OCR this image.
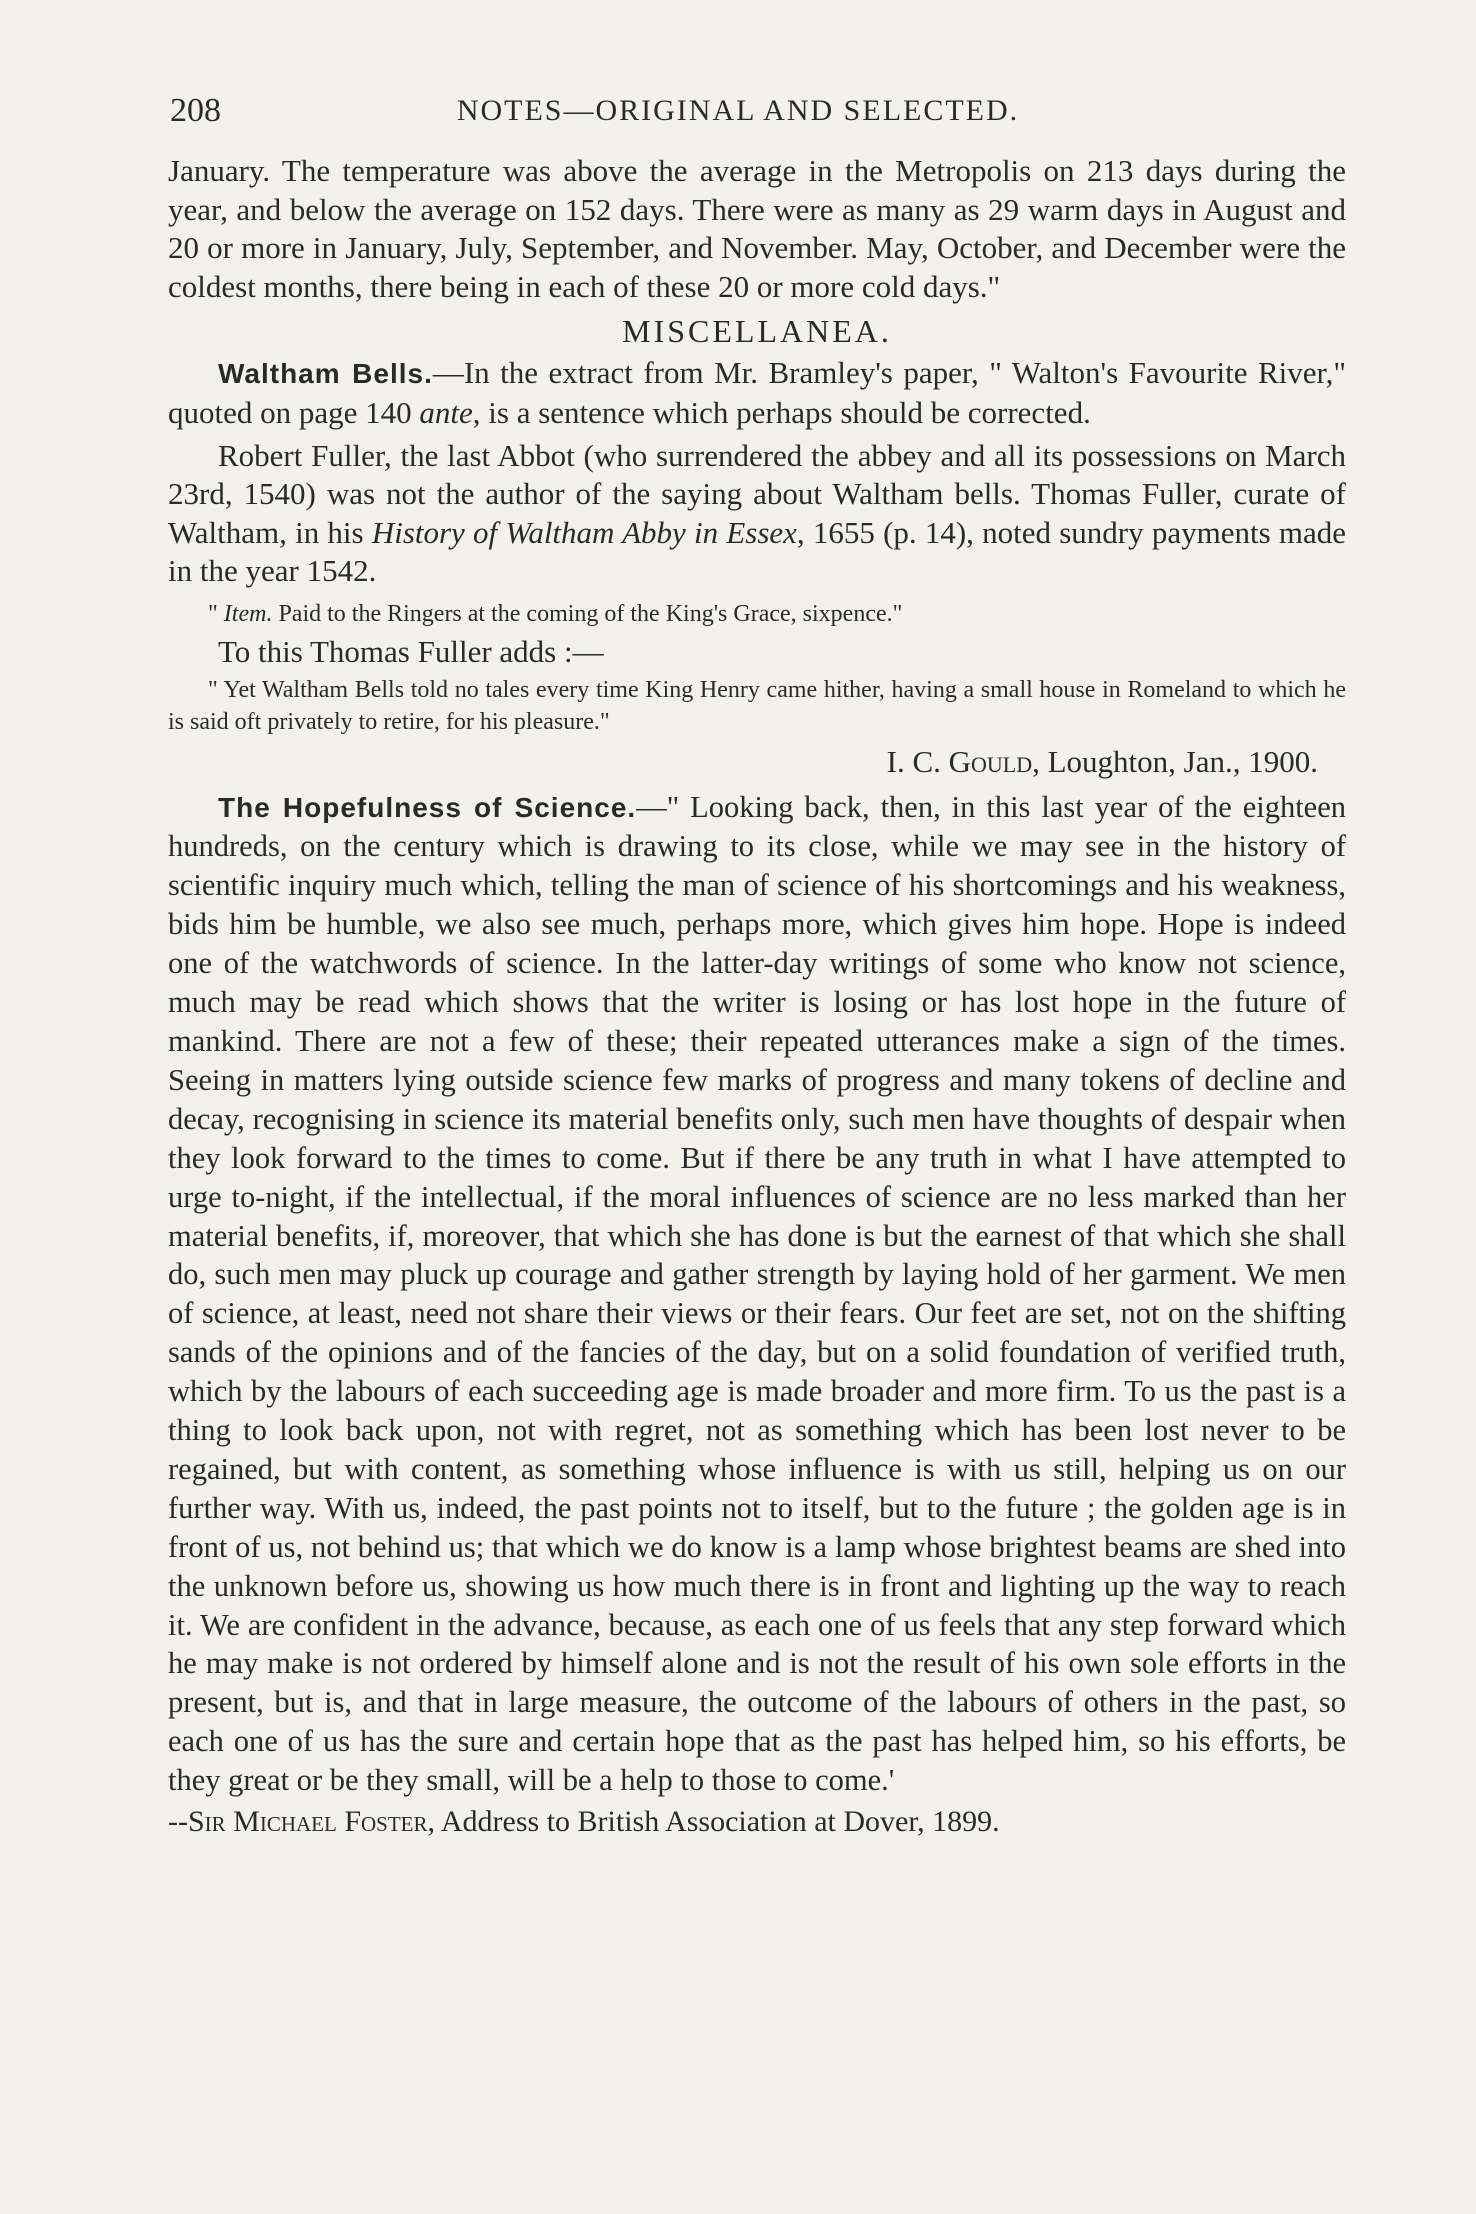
208	NOTES—ORIGINAL AND SELECTED.

January. The temperature was above the average in the Metropolis on 213 days during the year, and below the average on 152 days. There were as many as 29 warm days in August and 20 or more in January, July, September, and November. May, October, and December were the coldest months, there being in each of these 20 or more cold days."

MISCELLANEA.

Waltham Bells.—In the extract from Mr. Bramley's paper, " Walton's Favourite River," quoted on page 140 ante, is a sentence which perhaps should be corrected.

Robert Fuller, the last Abbot (who surrendered the abbey and all its possessions on March 23rd, 1540) was not the author of the saying about Waltham bells. Thomas Fuller, curate of Waltham, in his History of Waltham Abby in Essex, 1655 (p. 14), noted sundry payments made in the year 1542.

" Item. Paid to the Ringers at the coming of the King's Grace, sixpence."

To this Thomas Fuller adds :—

" Yet Waltham Bells told no tales every time King Henry came hither, having a small house in Romeland to which he is said oft privately to retire, for his pleasure."

I. C. Gould, Loughton, Jan., 1900.

The Hopefulness of Science.—" Looking back, then, in this last year of the eighteen hundreds, on the century which is drawing to its close, while we may see in the history of scientific inquiry much which, telling the man of science of his shortcomings and his weakness, bids him be humble, we also see much, perhaps more, which gives him hope. Hope is indeed one of the watchwords of science. In the latter-day writings of some who know not science, much may be read which shows that the writer is losing or has lost hope in the future of mankind. There are not a few of these; their repeated utterances make a sign of the times. Seeing in matters lying outside science few marks of progress and many tokens of decline and decay, recognising in science its material benefits only, such men have thoughts of despair when they look forward to the times to come. But if there be any truth in what I have attempted to urge to-night, if the intellectual, if the moral influences of science are no less marked than her material benefits, if, moreover, that which she has done is but the earnest of that which she shall do, such men may pluck up courage and gather strength by laying hold of her garment. We men of science, at least, need not share their views or their fears. Our feet are set, not on the shifting sands of the opinions and of the fancies of the day, but on a solid foundation of verified truth, which by the labours of each succeeding age is made broader and more firm. To us the past is a thing to look back upon, not with regret, not as something which has been lost never to be regained, but with content, as something whose influence is with us still, helping us on our further way. With us, indeed, the past points not to itself, but to the future ; the golden age is in front of us, not behind us; that which we do know is a lamp whose brightest beams are shed into the unknown before us, showing us how much there is in front and lighting up the way to reach it. We are confident in the advance, because, as each one of us feels that any step forward which he may make is not ordered by himself alone and is not the result of his own sole efforts in the present, but is, and that in large measure, the outcome of the labours of others in the past, so each one of us has the sure and certain hope that as the past has helped him, so his efforts, be they great or be they small, will be a help to those to come.'

--Sir Michael Foster, Address to British Association at Dover, 1899.
